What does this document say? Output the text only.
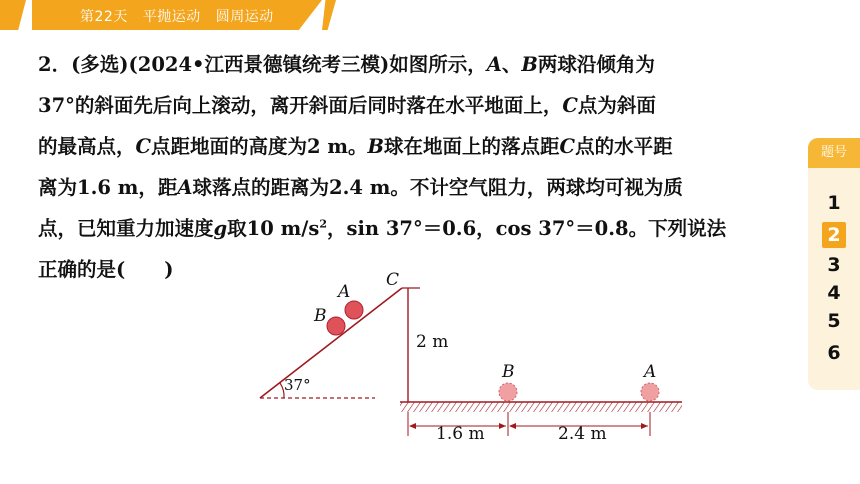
第22天 平抛运动 圆周运动
2．(多选)(2024•江西景德镇统考三模)如图所示，A、B两球沿倾角为
37°的斜面先后向上滚动，离开斜面后同时落在水平地面上，C点为斜面
的最高点，C点距地面的高度为2 m。B球在地面上的落点距C点的水平距
离为1.6 m，距A球落点的距离为2.4 m。不计空气阻力，两球均可视为质
点，已知重力加速度g取10 $m/s^2$，sin 37°＝0.6，cos 37°＝0.8。下列说法
正确的是(　　)
题号
1
2
3
4
5
6
A
B
C
37°
2 m
B	A
1.6 m	2.4 m
